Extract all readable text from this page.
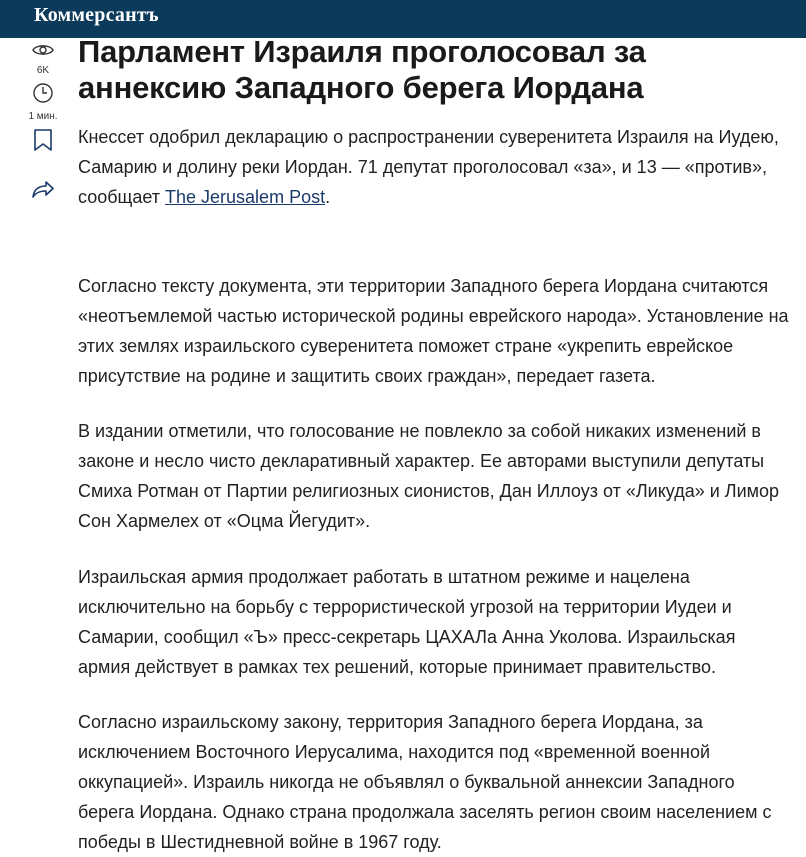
Коммерсантъ
6K
1 мин.
Парламент Израиля проголосовал за аннексию Западного берега Иордана

Кнессет одобрил декларацию о распространении суверенитета Израиля на Иудею, Самарию и долину реки Иордан. 71 депутат проголосовал «за», и 13 — «против», сообщает The Jerusalem Post.

Согласно тексту документа, эти территории Западного берега Иордана считаются «неотъемлемой частью исторической родины еврейского народа». Установление на этих землях израильского суверенитета поможет стране «укрепить еврейское присутствие на родине и защитить своих граждан», передает газета.

В издании отметили, что голосование не повлекло за собой никаких изменений в законе и несло чисто декларативный характер. Ее авторами выступили депутаты Смиха Ротман от Партии религиозных сионистов, Дан Иллоуз от «Ликуда» и Лимор Сон Хармелех от «Оцма Йегудит».

Израильская армия продолжает работать в штатном режиме и нацелена исключительно на борьбу с террористической угрозой на территории Иудеи и Самарии, сообщил «Ъ» пресс-секретарь ЦАХАЛа Анна Уколова. Израильская армия действует в рамках тех решений, которые принимает правительство.

Согласно израильскому закону, территория Западного берега Иордана, за исключением Восточного Иерусалима, находится под «временной военной оккупацией». Израиль никогда не объявлял о буквальной аннексии Западного берега Иордана. Однако страна продолжала заселять регион своим населением с победы в Шестидневной войне в 1967 году.
